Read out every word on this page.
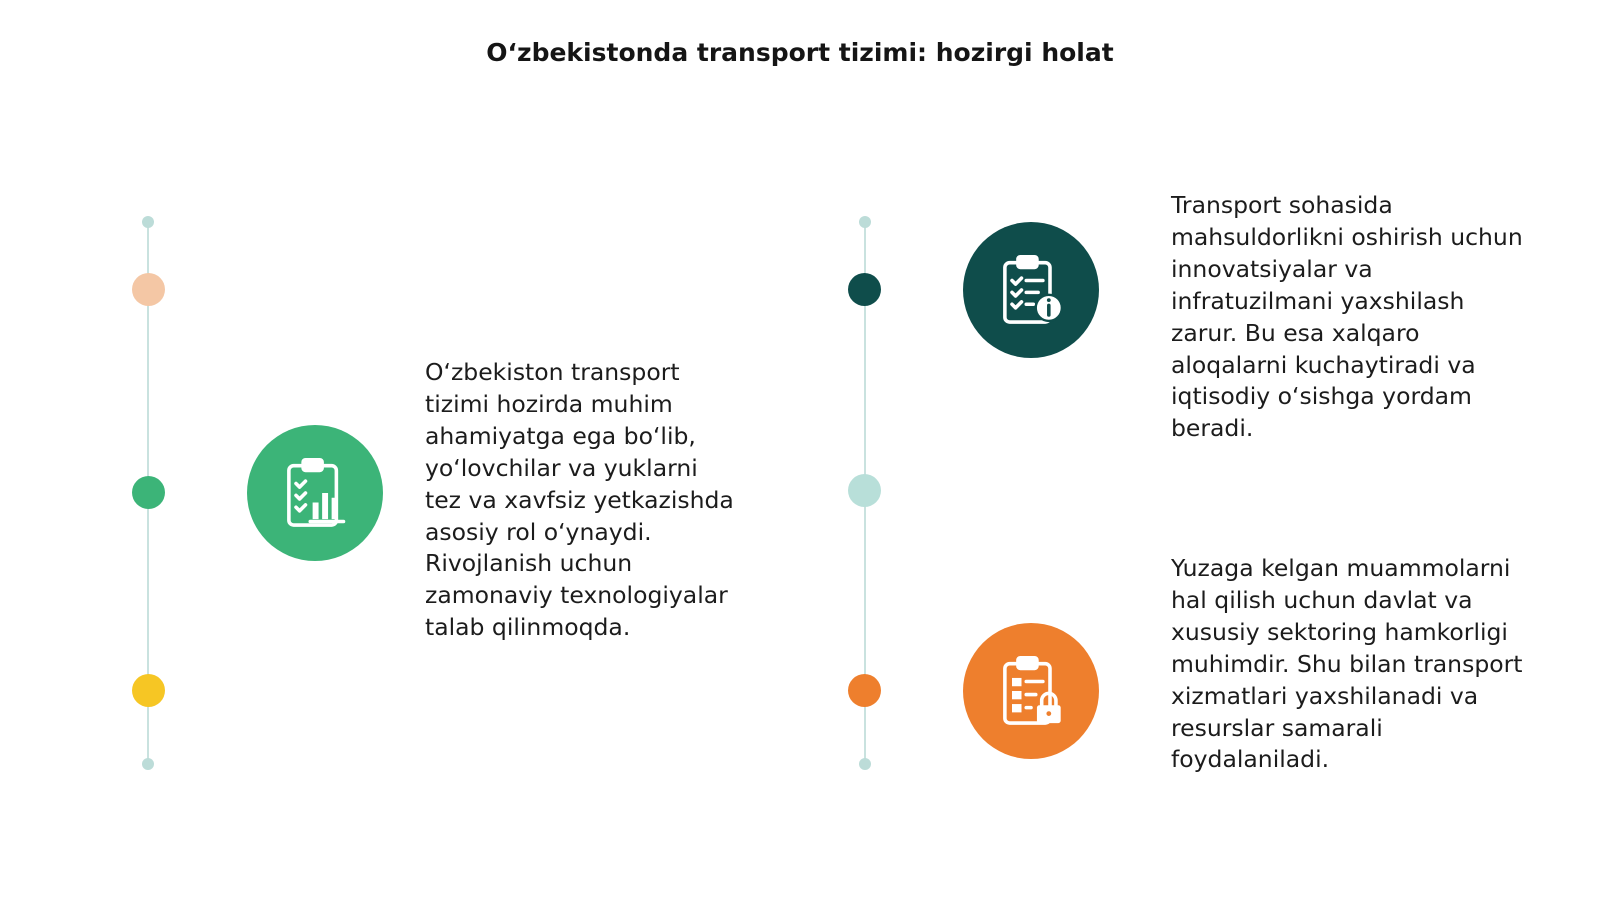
O‘zbekistonda transport tizimi: hozirgi holat
O‘zbekiston transport tizimi hozirda muhim ahamiyatga ega bo‘lib, yo‘lovchilar va yuklarni tez va xavfsiz yetkazishda asosiy rol o‘ynaydi. Rivojlanish uchun zamonaviy texnologiyalar talab qilinmoqda.
Transport sohasida mahsuldorlikni oshirish uchun innovatsiyalar va infratuzilmani yaxshilash zarur. Bu esa xalqaro aloqalarni kuchaytiradi va iqtisodiy o‘sishga yordam beradi.
Yuzaga kelgan muammolarni hal qilish uchun davlat va xususiy sektoring hamkorligi muhimdir. Shu bilan transport xizmatlari yaxshilanadi va resurslar samarali foydalaniladi.
